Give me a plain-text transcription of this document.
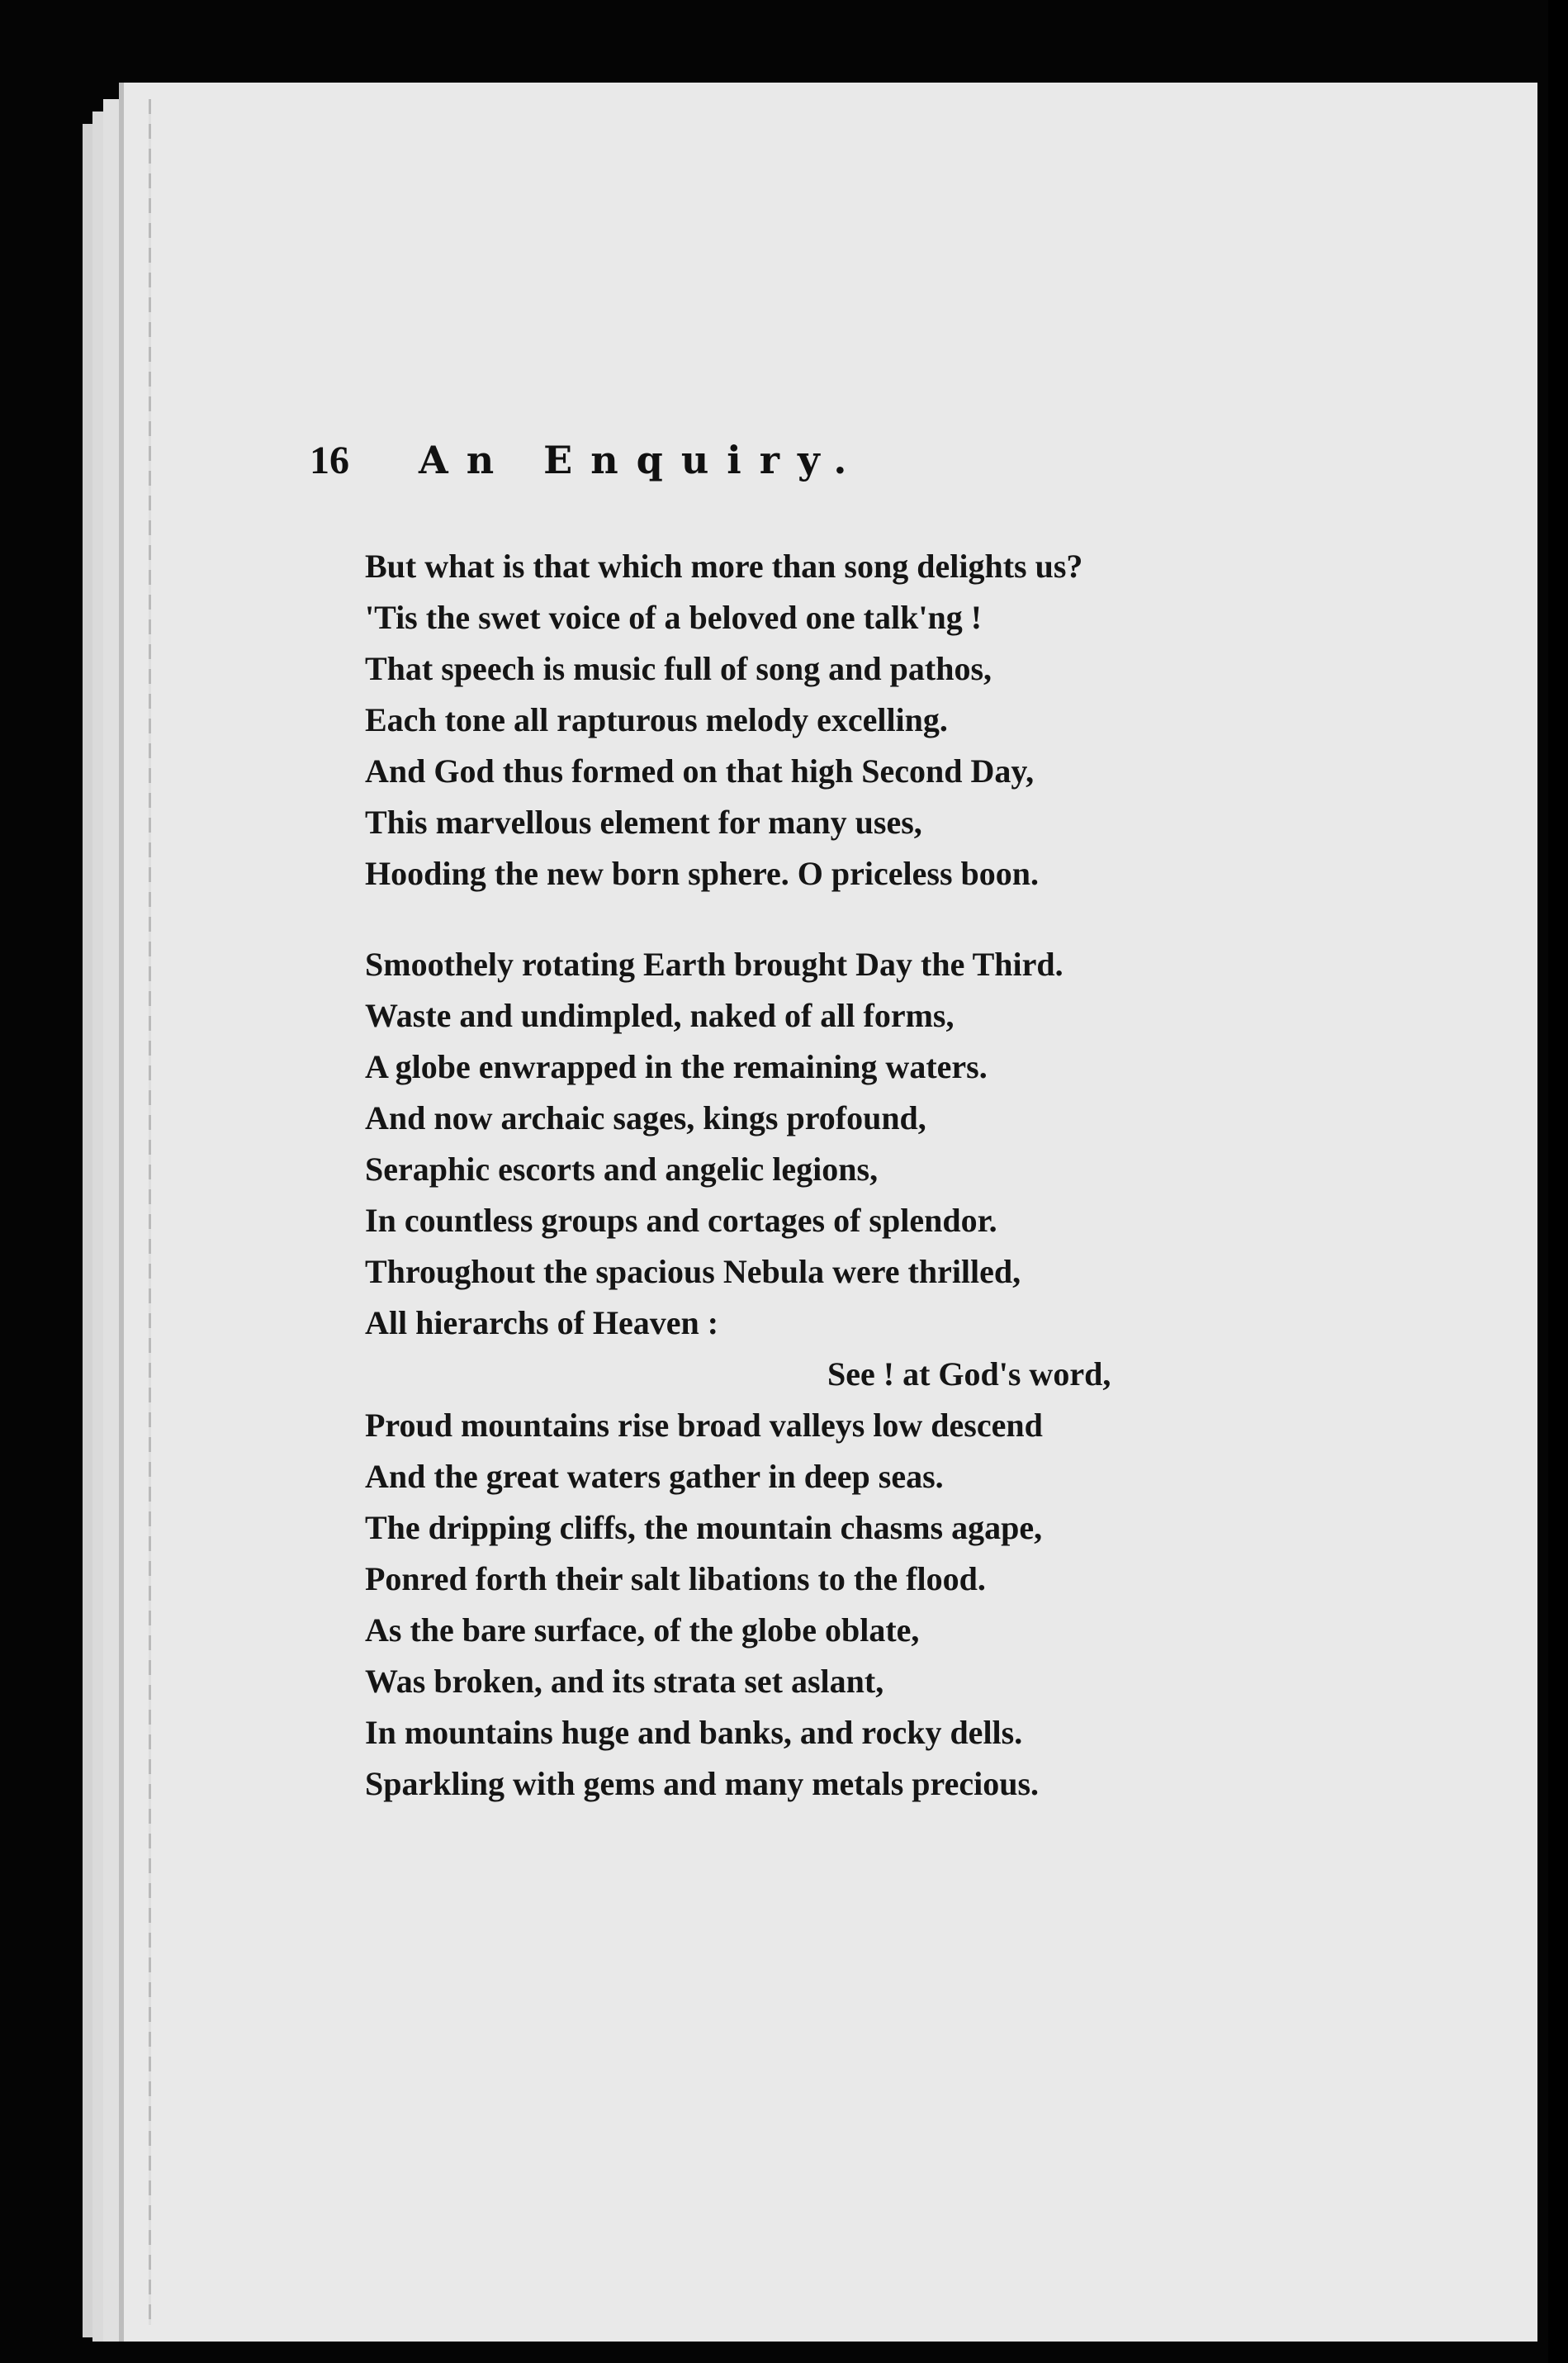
16 An Enquiry.
But what is that which more than song delights us?
'Tis the swet voice of a beloved one talk'ng !
That speech is music full of song and pathos,
Each tone all rapturous melody excelling.
And God thus formed on that high Second Day,
This marvellous element for many uses,
Hooding the new born sphere. O priceless boon.
Smoothely rotating Earth brought Day the Third.
Waste and undimpled, naked of all forms,
A globe enwrapped in the remaining waters.
And now archaic sages, kings profound,
Seraphic escorts and angelic legions,
In countless groups and cortages of splendor.
Throughout the spacious Nebula were thrilled,
All hierarchs of Heaven :
See ! at God's word,
Proud mountains rise broad valleys low descend
And the great waters gather in deep seas.
The dripping cliffs, the mountain chasms agape,
Ponred forth their salt libations to the flood.
As the bare surface, of the globe oblate,
Was broken, and its strata set aslant,
In mountains huge and banks, and rocky dells.
Sparkling with gems and many metals precious.
